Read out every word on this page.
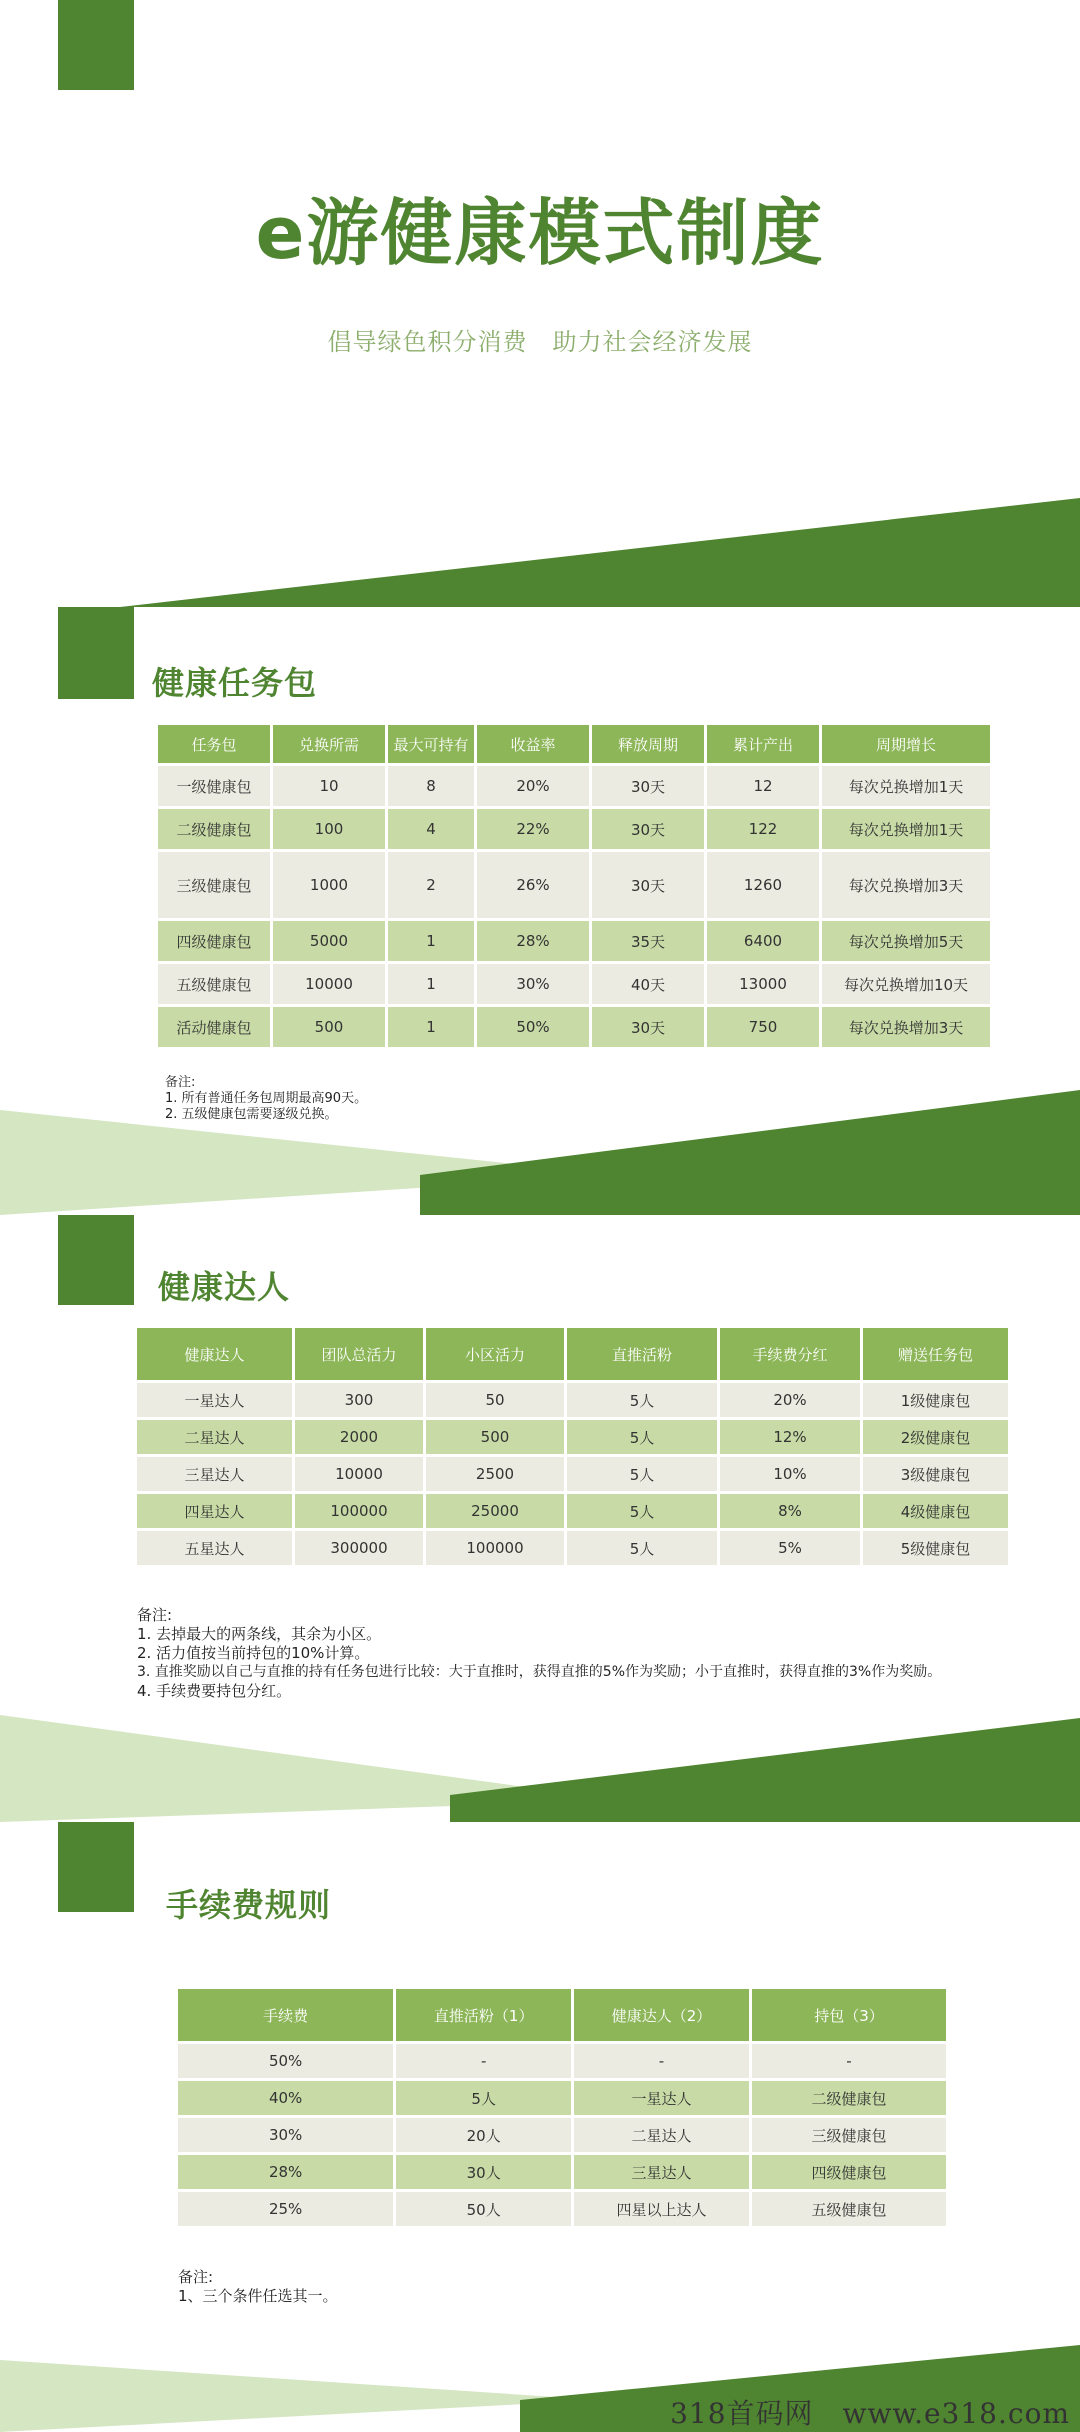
e游健康模式制度
倡导绿色积分消费　助力社会经济发展
健康任务包
任务包	兑换所需	最大可持有	收益率	释放周期	累计产出	周期增长
一级健康包	10	8	20%	30天	12	每次兑换增加1天
二级健康包	100	4	22%	30天	122	每次兑换增加1天
三级健康包	1000	2	26%	30天	1260	每次兑换增加3天
四级健康包	5000	1	28%	35天	6400	每次兑换增加5天
五级健康包	10000	1	30%	40天	13000	每次兑换增加10天
活动健康包	500	1	50%	30天	750	每次兑换增加3天
备注:
1. 所有普通任务包周期最高90天。
2. 五级健康包需要逐级兑换。
健康达人
健康达人	团队总活力	小区活力	直推活粉	手续费分红	赠送任务包
一星达人	300	50	5人	20%	1级健康包
二星达人	2000	500	5人	12%	2级健康包
三星达人	10000	2500	5人	10%	3级健康包
四星达人	100000	25000	5人	8%	4级健康包
五星达人	300000	100000	5人	5%	5级健康包
备注:
1. 去掉最大的两条线，其余为小区。
2. 活力值按当前持包的10%计算。
3. 直推奖励以自己与直推的持有任务包进行比较：大于直推时，获得直推的5%作为奖励；小于直推时，获得直推的3%作为奖励。
4. 手续费要持包分红。
手续费规则
手续费	直推活粉（1）	健康达人（2）	持包（3）
50%	-	-	-
40%	5人	一星达人	二级健康包
30%	20人	二星达人	三级健康包
28%	30人	三星达人	四级健康包
25%	50人	四星以上达人	五级健康包
备注:
1、三个条件任选其一。
318首码网　www.e318.com
